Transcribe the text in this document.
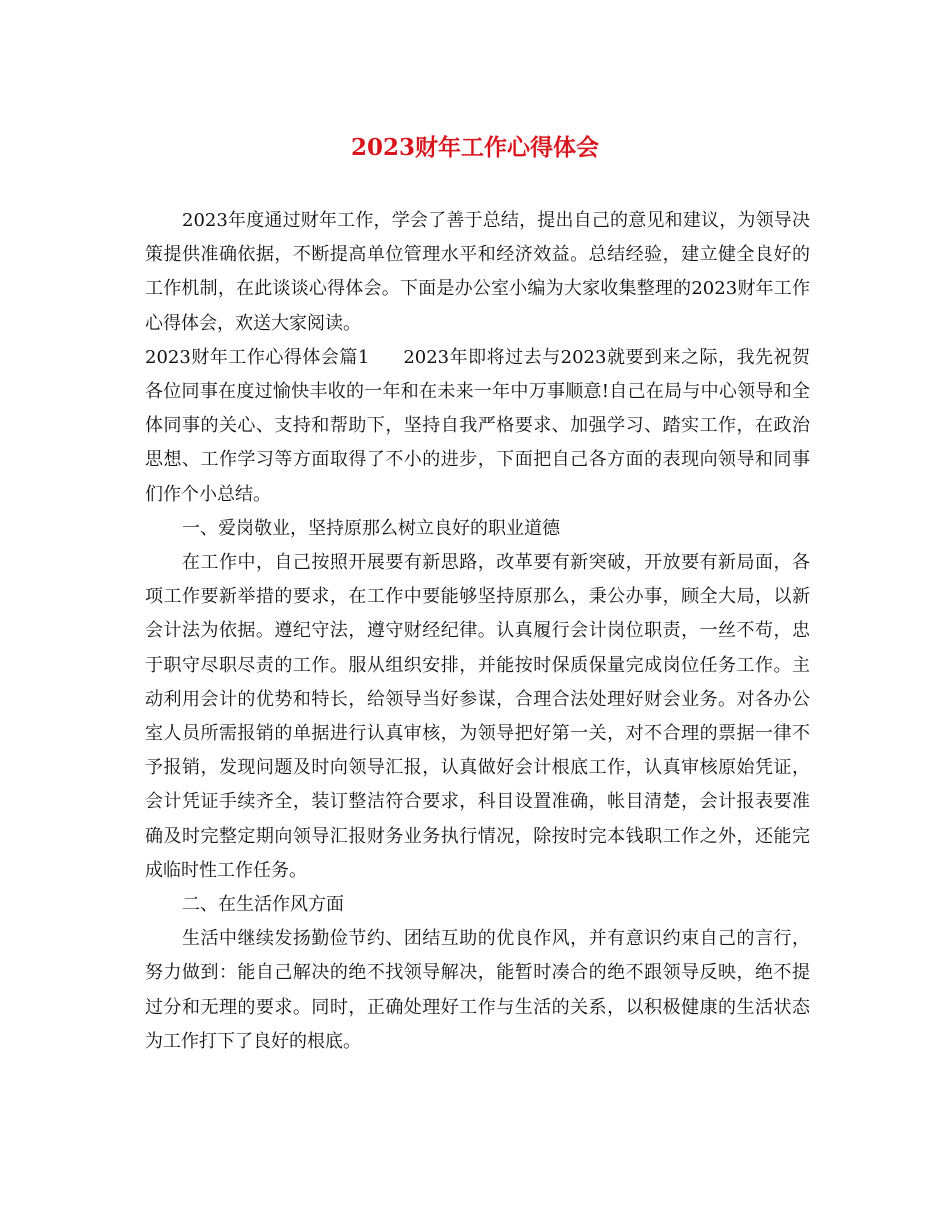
2023财年工作心得体会

2023年度通过财年工作，学会了善于总结，提出自己的意见和建议，为领导决策提供准确依据，不断提高单位管理水平和经济效益。总结经验，建立健全良好的工作机制，在此谈谈心得体会。下面是办公室小编为大家收集整理的2023财年工作心得体会，欢送大家阅读。

2023财年工作心得体会篇1 2023年即将过去与2023就要到来之际，我先祝贺各位同事在度过愉快丰收的一年和在未来一年中万事顺意!自己在局与中心领导和全体同事的关心、支持和帮助下，坚持自我严格要求、加强学习、踏实工作，在政治思想、工作学习等方面取得了不小的进步，下面把自己各方面的表现向领导和同事们作个小总结。

一、爱岗敬业，坚持原那么树立良好的职业道德

在工作中，自己按照开展要有新思路，改革要有新突破，开放要有新局面，各项工作要新举措的要求，在工作中要能够坚持原那么，秉公办事，顾全大局，以新会计法为依据。遵纪守法，遵守财经纪律。认真履行会计岗位职责，一丝不苟，忠于职守尽职尽责的工作。服从组织安排，并能按时保质保量完成岗位任务工作。主动利用会计的优势和特长，给领导当好参谋，合理合法处理好财会业务。对各办公室人员所需报销的单据进行认真审核，为领导把好第一关，对不合理的票据一律不予报销，发现问题及时向领导汇报，认真做好会计根底工作，认真审核原始凭证，会计凭证手续齐全，装订整洁符合要求，科目设置准确，帐目清楚，会计报表要准确及时完整定期向领导汇报财务业务执行情况，除按时完本钱职工作之外，还能完成临时性工作任务。

二、在生活作风方面

生活中继续发扬勤俭节约、团结互助的优良作风，并有意识约束自己的言行，努力做到：能自己解决的绝不找领导解决，能暂时凑合的绝不跟领导反映，绝不提过分和无理的要求。同时，正确处理好工作与生活的关系，以积极健康的生活状态为工作打下了良好的根底。
